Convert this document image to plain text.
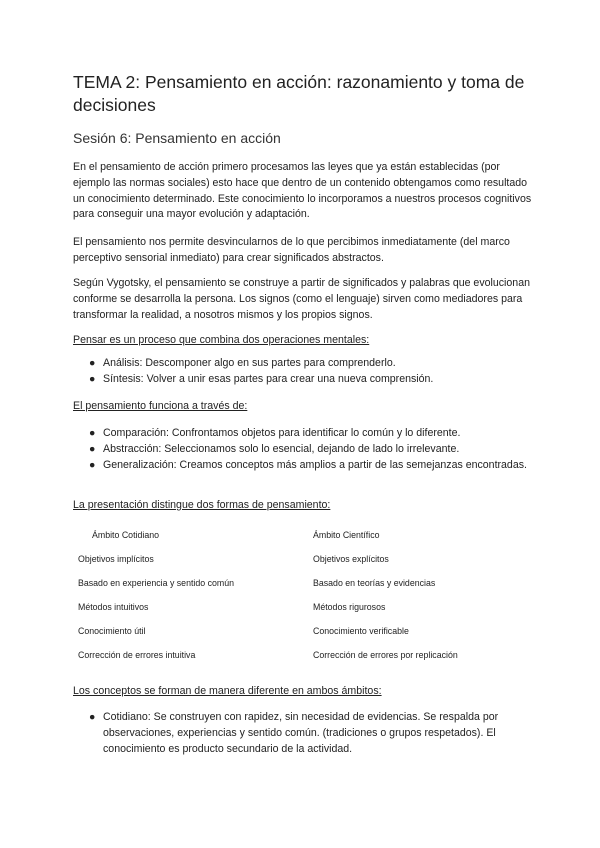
TEMA 2: Pensamiento en acción: razonamiento y toma de decisiones
Sesión 6: Pensamiento en acción

En el pensamiento de acción primero procesamos las leyes que ya están establecidas (por ejemplo las normas sociales) esto hace que dentro de un contenido obtengamos como resultado un conocimiento determinado. Este conocimiento lo incorporamos a nuestros procesos cognitivos para conseguir una mayor evolución y adaptación.

El pensamiento nos permite desvincularnos de lo que percibimos inmediatamente (del marco perceptivo sensorial inmediato) para crear significados abstractos.

Según Vygotsky, el pensamiento se construye a partir de significados y palabras que evolucionan conforme se desarrolla la persona. Los signos (como el lenguaje) sirven como mediadores para transformar la realidad, a nosotros mismos y los propios signos.

Pensar es un proceso que combina dos operaciones mentales:

● Análisis: Descomponer algo en sus partes para comprenderlo.
● Síntesis: Volver a unir esas partes para crear una nueva comprensión.

El pensamiento funciona a través de:

● Comparación: Confrontamos objetos para identificar lo común y lo diferente.
● Abstracción: Seleccionamos solo lo esencial, dejando de lado lo irrelevante.
● Generalización: Creamos conceptos más amplios a partir de las semejanzas encontradas.

La presentación distingue dos formas de pensamiento:

Ámbito Cotidiano	Ámbito Científico
Objetivos implícitos	Objetivos explícitos
Basado en experiencia y sentido común	Basado en teorías y evidencias
Métodos intuitivos	Métodos rigurosos
Conocimiento útil	Conocimiento verificable
Corrección de errores intuitiva	Corrección de errores por replicación

Los conceptos se forman de manera diferente en ambos ámbitos:

● Cotidiano: Se construyen con rapidez, sin necesidad de evidencias. Se respalda por observaciones, experiencias y sentido común. (tradiciones o grupos respetados). El conocimiento es producto secundario de la actividad.
